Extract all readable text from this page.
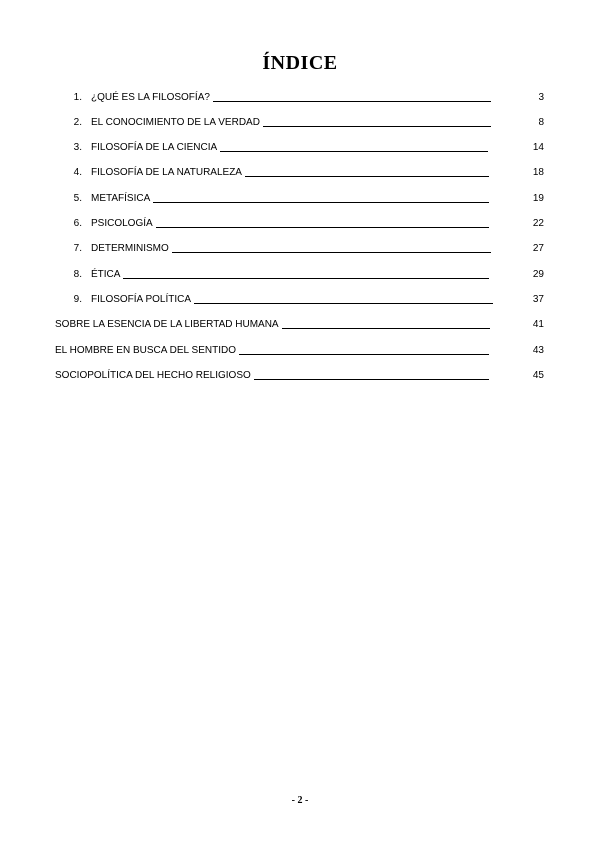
ÍNDICE
1. ¿QUÉ ES LA FILOSOFÍA?	3
2. EL CONOCIMIENTO DE LA VERDAD	8
3. FILOSOFÍA DE LA CIENCIA	14
4. FILOSOFÍA DE LA NATURALEZA	18
5. METAFÍSICA	19
6. PSICOLOGÍA	22
7. DETERMINISMO	27
8. ÉTICA	29
9. FILOSOFÍA POLÍTICA	37
SOBRE LA ESENCIA DE LA LIBERTAD HUMANA	41
EL HOMBRE EN BUSCA DEL SENTIDO	43
SOCIOPOLÍTICA DEL HECHO RELIGIOSO	45
- 2 -
